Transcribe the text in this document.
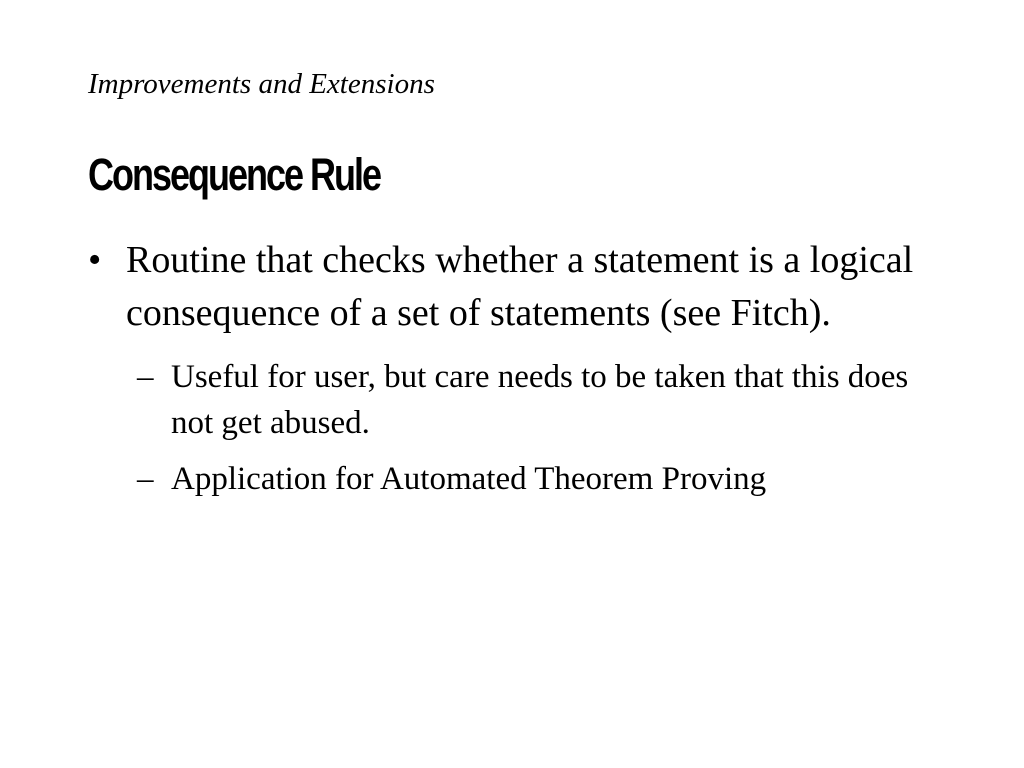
Improvements and Extensions
Consequence Rule
• Routine that checks whether a statement is a logical consequence of a set of statements (see Fitch).
– Useful for user, but care needs to be taken that this does not get abused.
– Application for Automated Theorem Proving
